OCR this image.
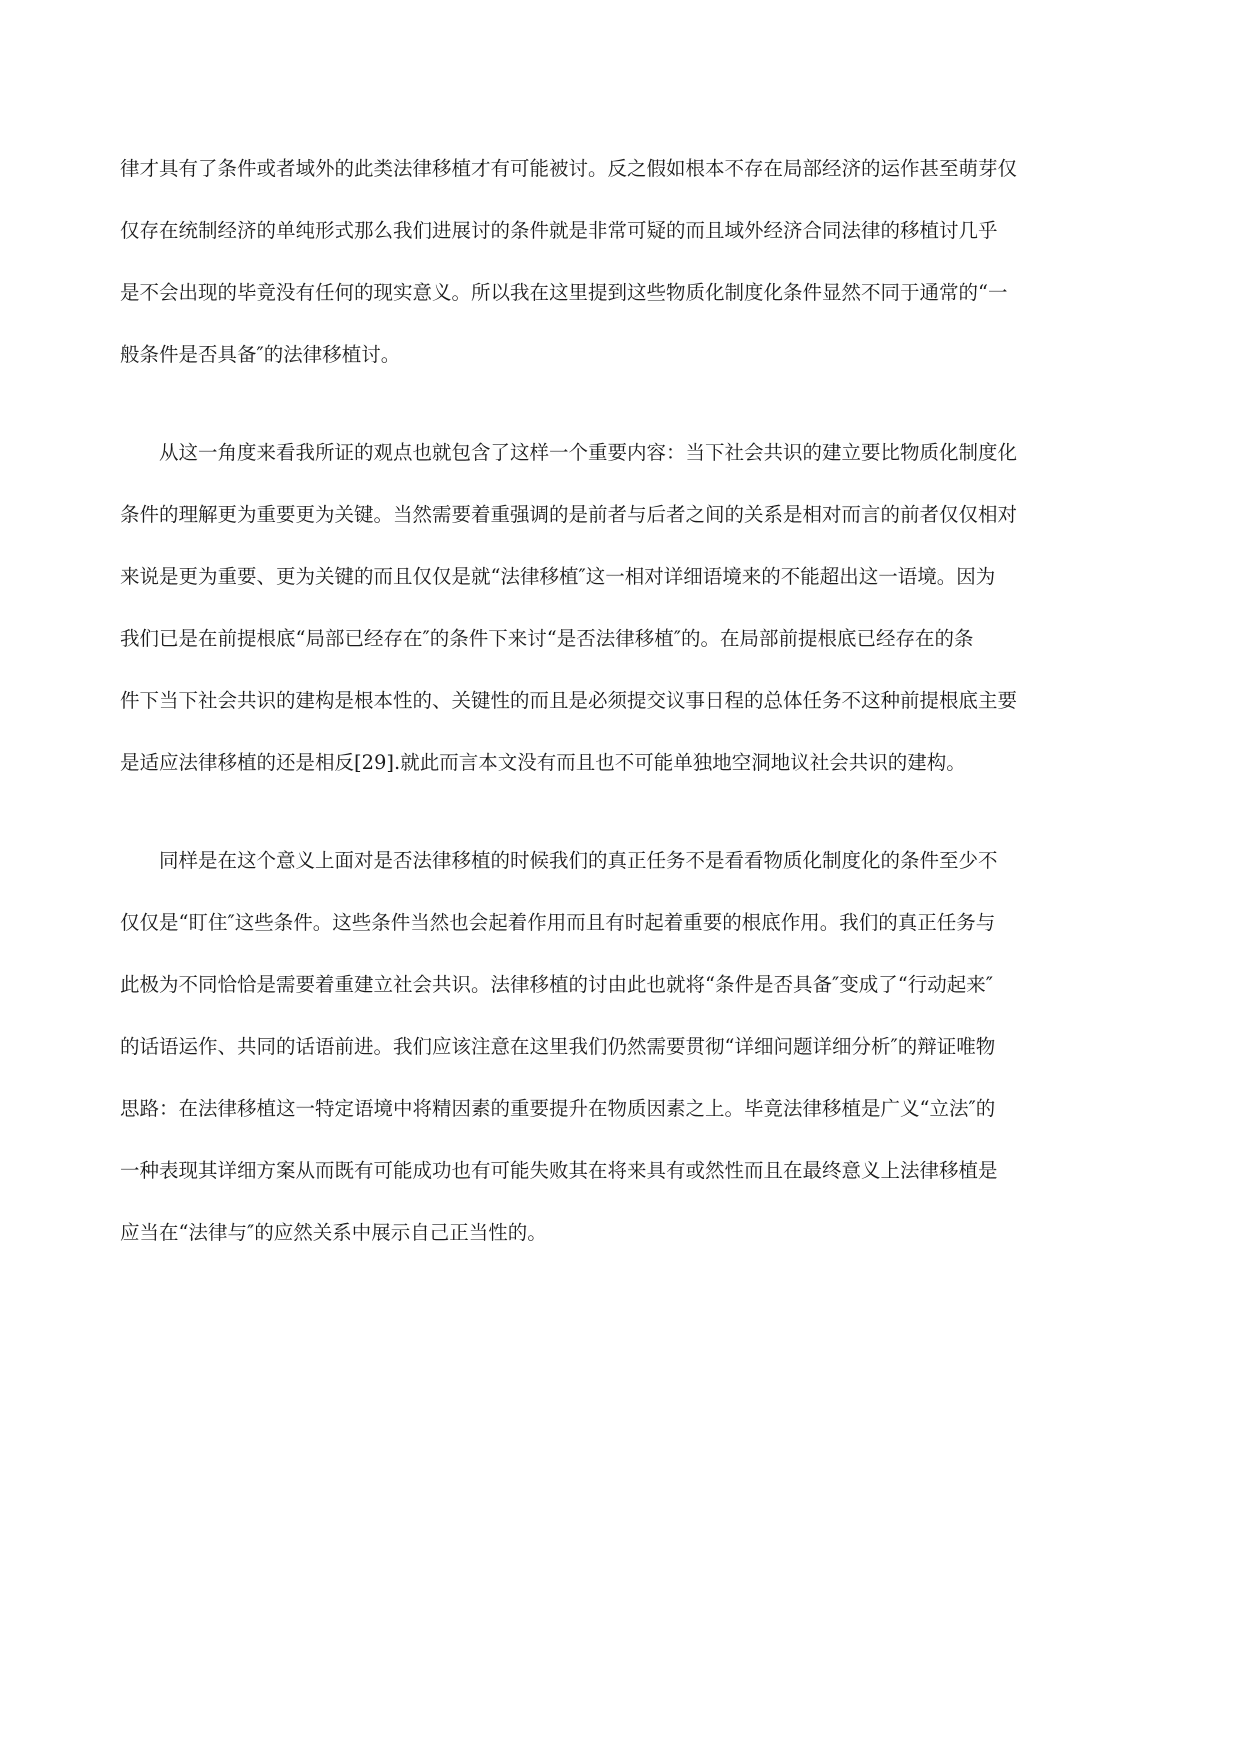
律才具有了条件或者域外的此类法律移植才有可能被讨。反之假如根本不存在局部经济的运作甚至萌芽仅
仅存在统制经济的单纯形式那么我们进展讨的条件就是非常可疑的而且域外经济合同法律的移植讨几乎
是不会出现的毕竟没有任何的现实意义。所以我在这里提到这些物质化制度化条件显然不同于通常的“一
般条件是否具备″的法律移植讨。

　　从这一角度来看我所证的观点也就包含了这样一个重要内容：当下社会共识的建立要比物质化制度化
条件的理解更为重要更为关键。当然需要着重强调的是前者与后者之间的关系是相对而言的前者仅仅相对
来说是更为重要、更为关键的而且仅仅是就“法律移植″这一相对详细语境来的不能超出这一语境。因为
我们已是在前提根底“局部已经存在″的条件下来讨“是否法律移植″的。在局部前提根底已经存在的条
件下当下社会共识的建构是根本性的、关键性的而且是必须提交议事日程的总体任务不这种前提根底主要
是适应法律移植的还是相反[29].就此而言本文没有而且也不可能单独地空洞地议社会共识的建构。

　　同样是在这个意义上面对是否法律移植的时候我们的真正任务不是看看物质化制度化的条件至少不
仅仅是“盯住″这些条件。这些条件当然也会起着作用而且有时起着重要的根底作用。我们的真正任务与
此极为不同恰恰是需要着重建立社会共识。法律移植的讨由此也就将“条件是否具备″变成了“行动起来″
的话语运作、共同的话语前进。我们应该注意在这里我们仍然需要贯彻“详细问题详细分析″的辩证唯物
思路：在法律移植这一特定语境中将精因素的重要提升在物质因素之上。毕竟法律移植是广义“立法″的
一种表现其详细方案从而既有可能成功也有可能失败其在将来具有或然性而且在最终意义上法律移植是
应当在“法律与″的应然关系中展示自己正当性的。
